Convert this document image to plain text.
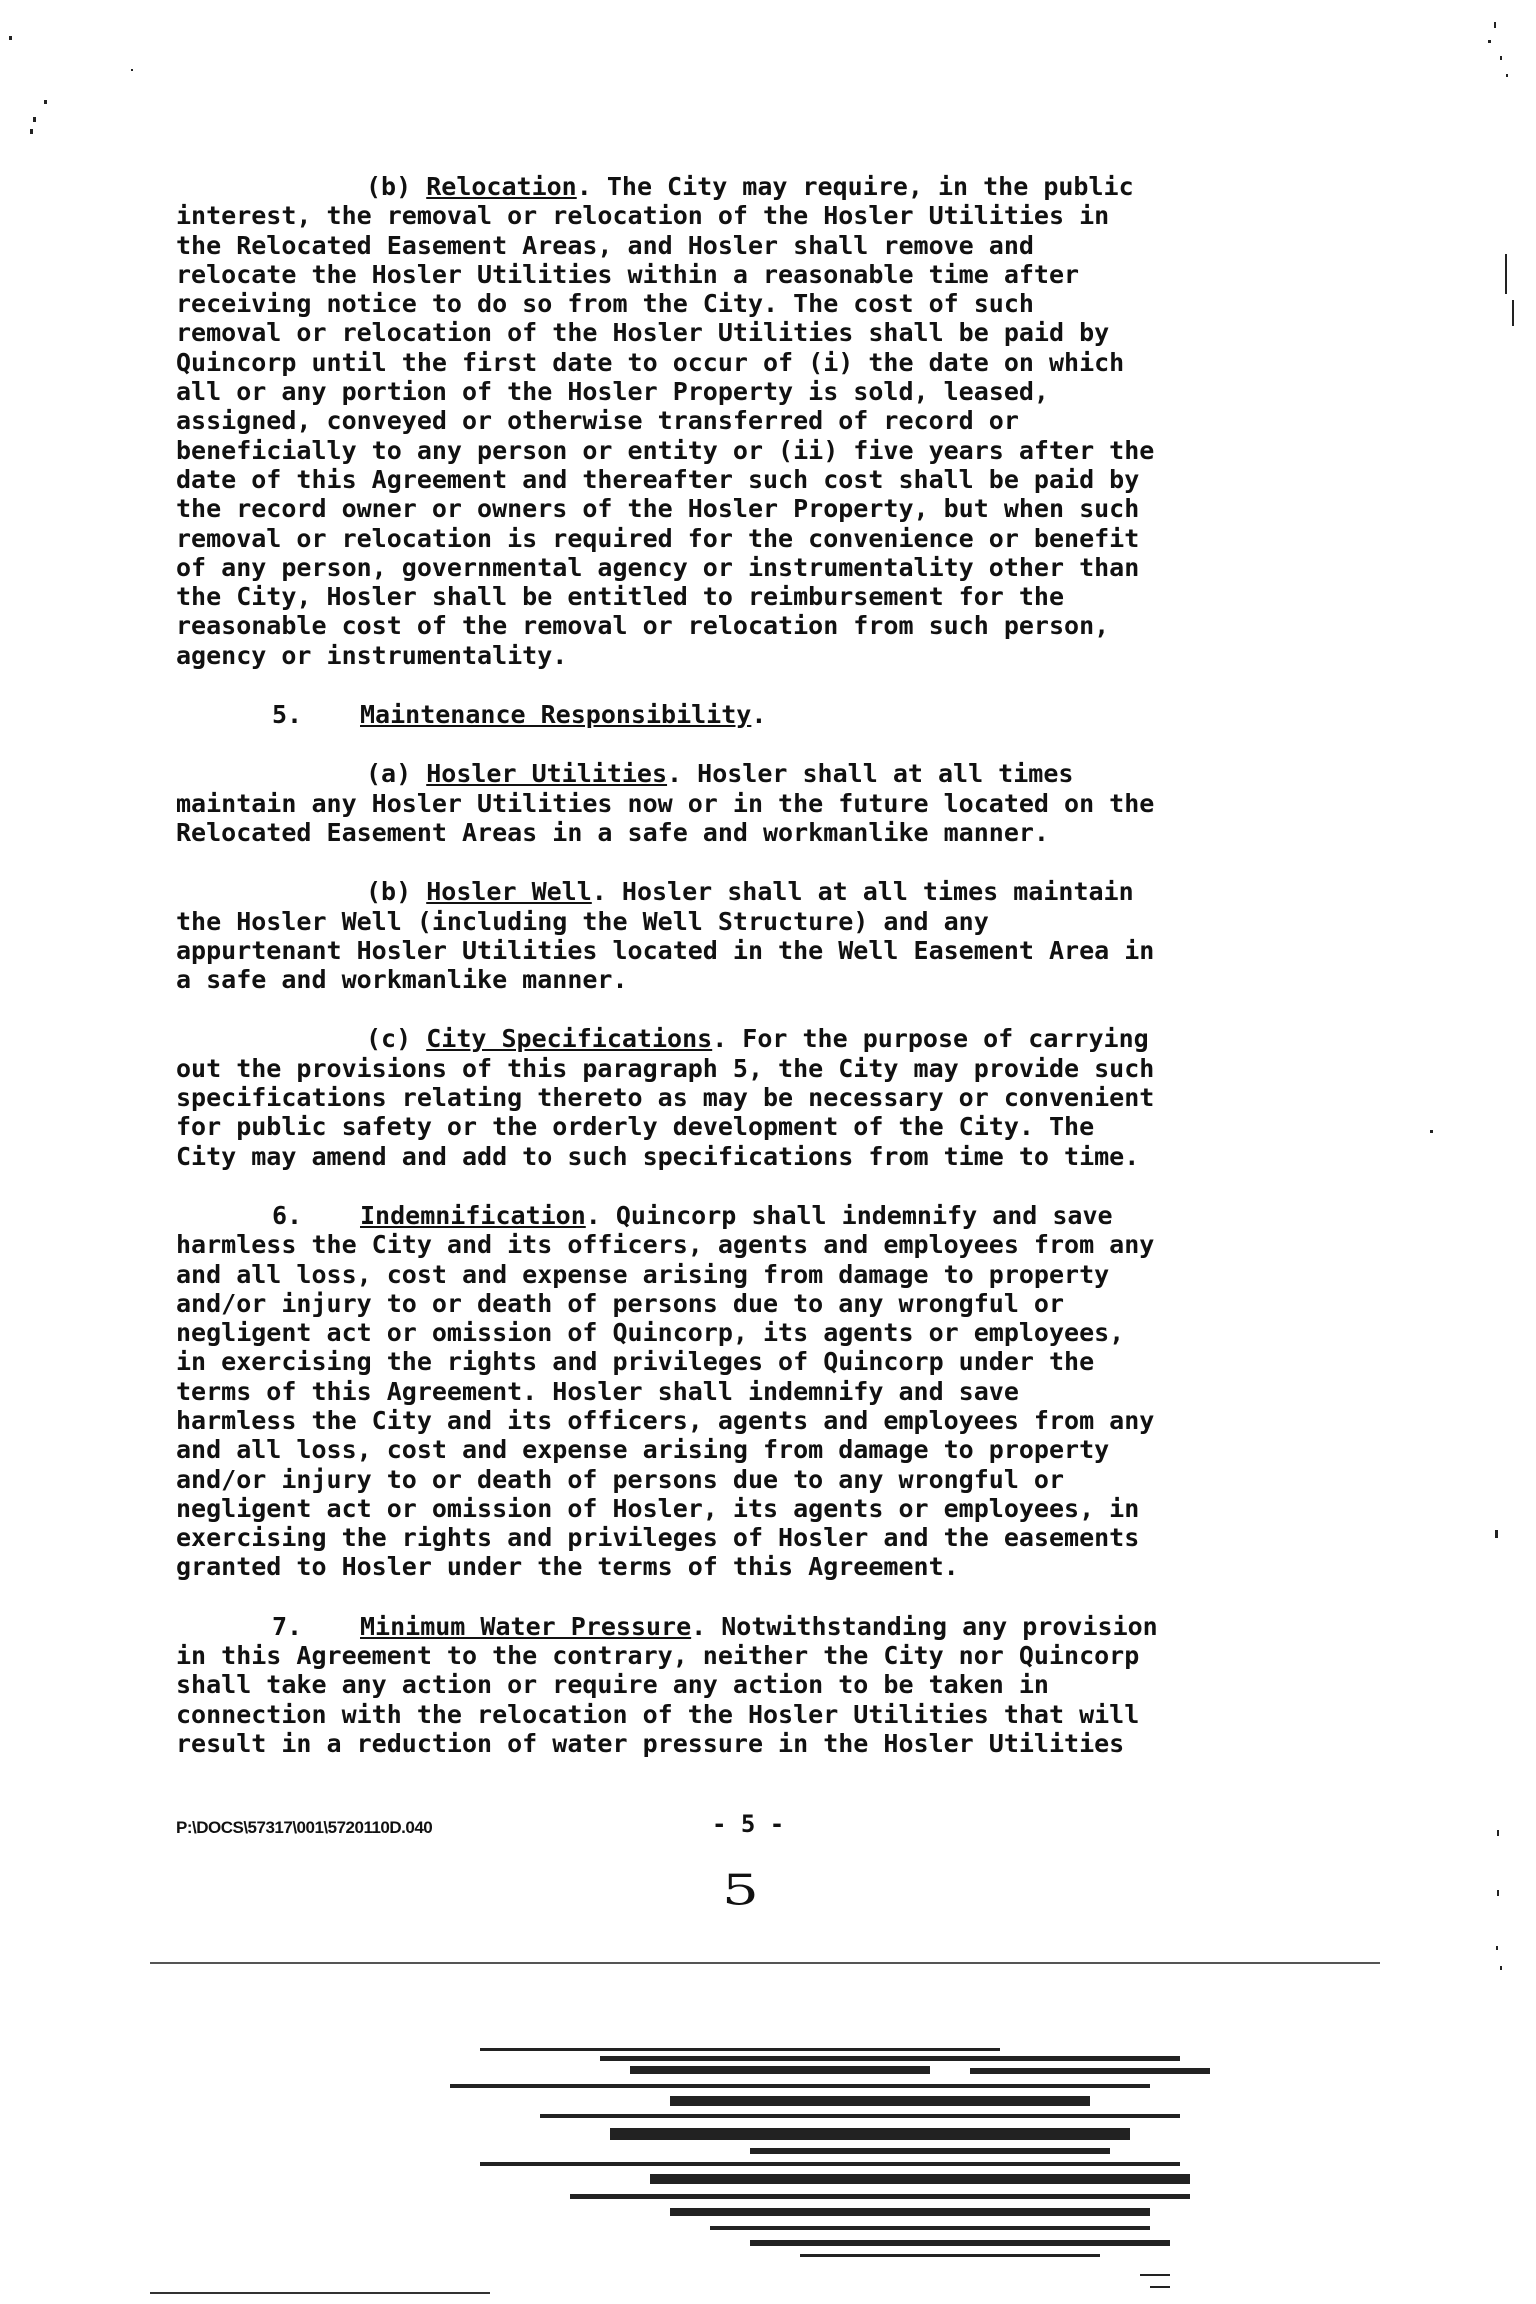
(b) Relocation. The City may require, in the public
interest, the removal or relocation of the Hosler Utilities in
the Relocated Easement Areas, and Hosler shall remove and
relocate the Hosler Utilities within a reasonable time after
receiving notice to do so from the City. The cost of such
removal or relocation of the Hosler Utilities shall be paid by
Quincorp until the first date to occur of (i) the date on which
all or any portion of the Hosler Property is sold, leased,
assigned, conveyed or otherwise transferred of record or
beneficially to any person or entity or (ii) five years after the
date of this Agreement and thereafter such cost shall be paid by
the record owner or owners of the Hosler Property, but when such
removal or relocation is required for the convenience or benefit
of any person, governmental agency or instrumentality other than
the City, Hosler shall be entitled to reimbursement for the
reasonable cost of the removal or relocation from such person,
agency or instrumentality.

5. Maintenance Responsibility.

(a) Hosler Utilities. Hosler shall at all times
maintain any Hosler Utilities now or in the future located on the
Relocated Easement Areas in a safe and workmanlike manner.

(b) Hosler Well. Hosler shall at all times maintain
the Hosler Well (including the Well Structure) and any
appurtenant Hosler Utilities located in the Well Easement Area in
a safe and workmanlike manner.

(c) City Specifications. For the purpose of carrying
out the provisions of this paragraph 5, the City may provide such
specifications relating thereto as may be necessary or convenient
for public safety or the orderly development of the City. The
City may amend and add to such specifications from time to time.

6. Indemnification. Quincorp shall indemnify and save
harmless the City and its officers, agents and employees from any
and all loss, cost and expense arising from damage to property
and/or injury to or death of persons due to any wrongful or
negligent act or omission of Quincorp, its agents or employees,
in exercising the rights and privileges of Quincorp under the
terms of this Agreement. Hosler shall indemnify and save
harmless the City and its officers, agents and employees from any
and all loss, cost and expense arising from damage to property
and/or injury to or death of persons due to any wrongful or
negligent act or omission of Hosler, its agents or employees, in
exercising the rights and privileges of Hosler and the easements
granted to Hosler under the terms of this Agreement.

7. Minimum Water Pressure. Notwithstanding any provision
in this Agreement to the contrary, neither the City nor Quincorp
shall take any action or require any action to be taken in
connection with the relocation of the Hosler Utilities that will
result in a reduction of water pressure in the Hosler Utilities

P:\DOCS\57317\001\5720110D.040	- 5 -
5
